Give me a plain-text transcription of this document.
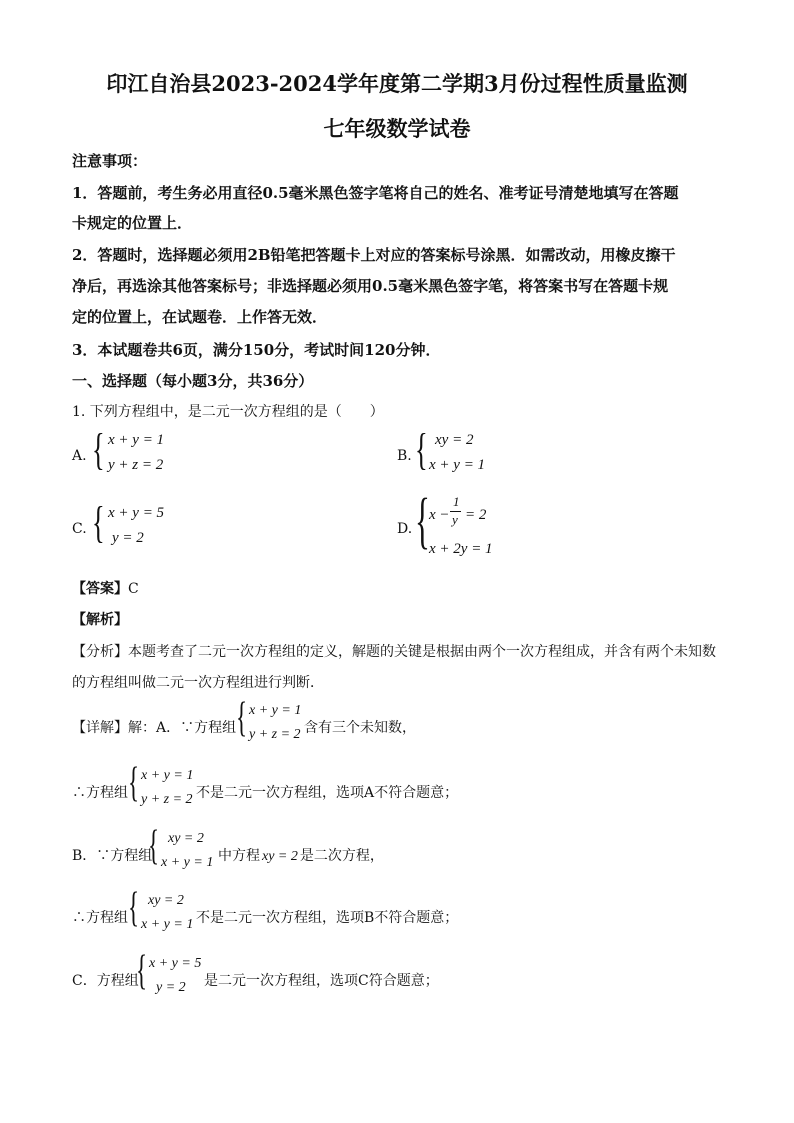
印江自治县2023-2024学年度第二学期3月份过程性质量监测
七年级数学试卷
注意事项：
1．答题前，考生务必用直径0.5毫米黑色签字笔将自己的姓名、准考证号清楚地填写在答题
卡规定的位置上．
2．答题时，选择题必须用2B铅笔把答题卡上对应的答案标号涂黑．如需改动，用橡皮擦干
净后，再选涂其他答案标号；非选择题必须用0.5毫米黑色签字笔，将答案书写在答题卡规
定的位置上，在试题卷．上作答无效．
3．本试题卷共6页，满分150分，考试时间120分钟．
一、选择题（每小题3分，共36分）
1. 下列方程组中，是二元一次方程组的是（　　）
A. { x + y = 1
y + z = 2
B. { xy = 2
x + y = 1
C. { x + y = 5
y = 2
D. { x −
1
y = 2
x + 2y = 1
【答案】C
【解析】
【分析】本题考查了二元一次方程组的定义，解题的关键是根据由两个一次方程组成，并含有两个未知数
的方程组叫做二元一次方程组进行判断．
【详解】解：A．∵方程组 { x + y = 1
y + z = 2 含有三个未知数，
∴方程组 { x + y = 1
y + z = 2 不是二元一次方程组，选项A不符合题意；
B．∵方程组
{ xy = 2
x + y = 1 中方程 xy = 2 是二次方程，
∴方程组 { xy = 2
x + y = 1 不是二元一次方程组，选项B不符合题意；
C．方程组
{ x + y = 5
y = 2 是二元一次方程组，选项C符合题意；
